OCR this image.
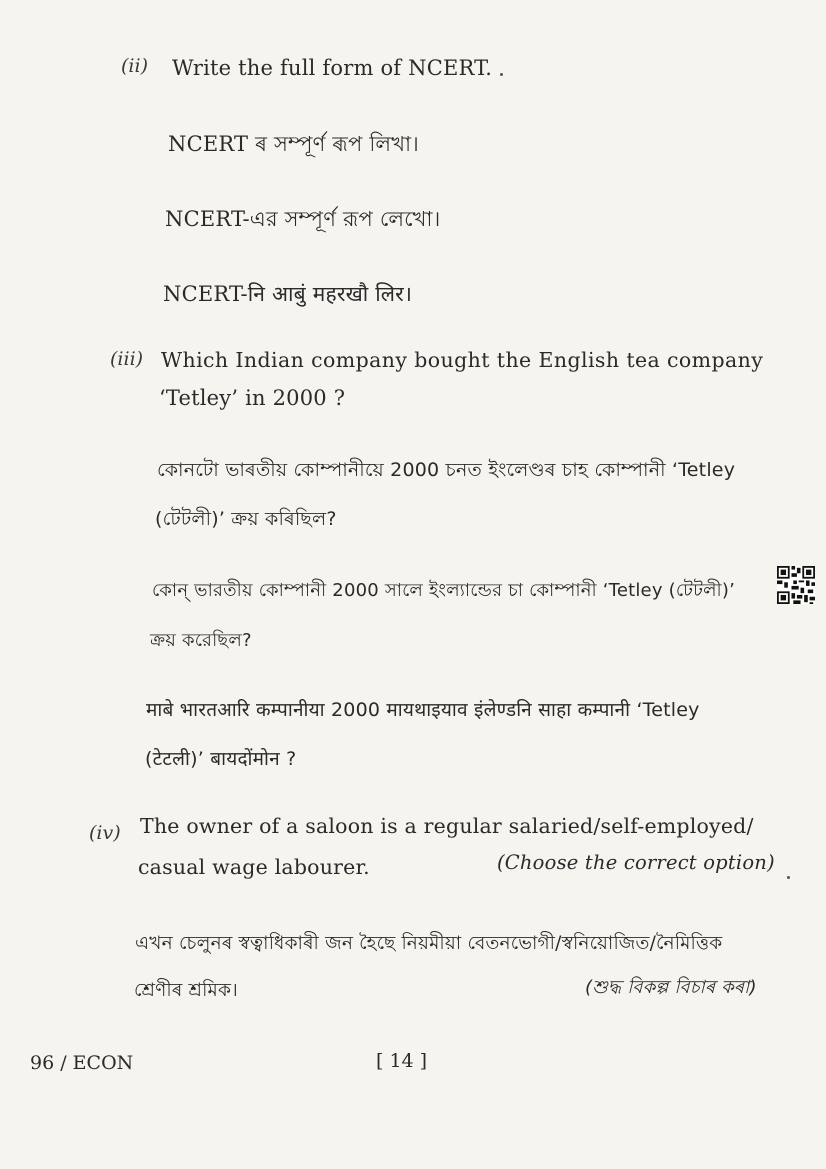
(ii) Write the full form of NCERT.
NCERT ৰ সম্পূৰ্ণ ৰূপ লিখা।
NCERT-এর সম্পূর্ণ রূপ লেখো।
NCERT-नि आबुं महरखौ लिर।
(iii) Which Indian company bought the English tea company
‘Tetley’ in 2000 ?
কোনটো ভাৰতীয় কোম্পানীয়ে 2000 চনত ইংলেণ্ডৰ চাহ কোম্পানী ‘Tetley
(টেটলী)’ ক্ৰয় কৰিছিল?
কোন্ ভারতীয় কোম্পানী 2000 সালে ইংল্যান্ডের চা কোম্পানী ‘Tetley (টেটলী)’
ক্রয় করেছিল?
माबे भारतआरि कम्पानीया 2000 मायथाइयाव इंलेण्डनि साहा कम्पानी ‘Tetley
(टेटली)’ बायदोंमोन ?
(iv) The owner of a saloon is a regular salaried/self-employed/
casual wage labourer.	(Choose the correct option)
এখন চেলুনৰ স্বত্বাধিকাৰী জন হৈছে নিয়মীয়া বেতনভোগী/স্বনিয়োজিত/নৈমিত্তিক
শ্ৰেণীৰ শ্ৰমিক।	(শুদ্ধ বিকল্প বিচাৰ কৰা)
96 / ECON	[ 14 ]
